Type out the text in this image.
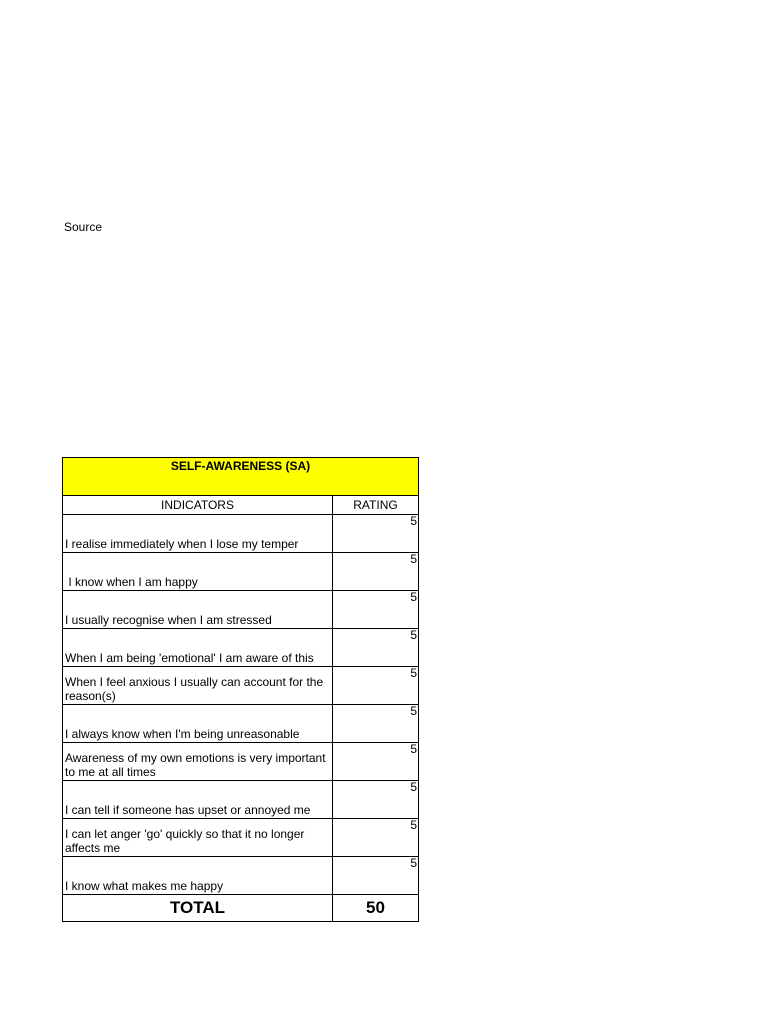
Source
SELF-AWARENESS (SA)	
INDICATORS	RATING
I realise immediately when I lose my temper	5
I know when I am happy	5
I usually recognise when I am stressed	5
When I am being 'emotional' I am aware of this	5
When I feel anxious I usually can account for the reason(s)	5
I always know when I'm being unreasonable	5
Awareness of my own emotions is very important to me at all times	5
I can tell if someone has upset or annoyed me	5
I can let anger 'go' quickly so that it no longer affects me	5
I know what makes me happy	5
TOTAL	50
